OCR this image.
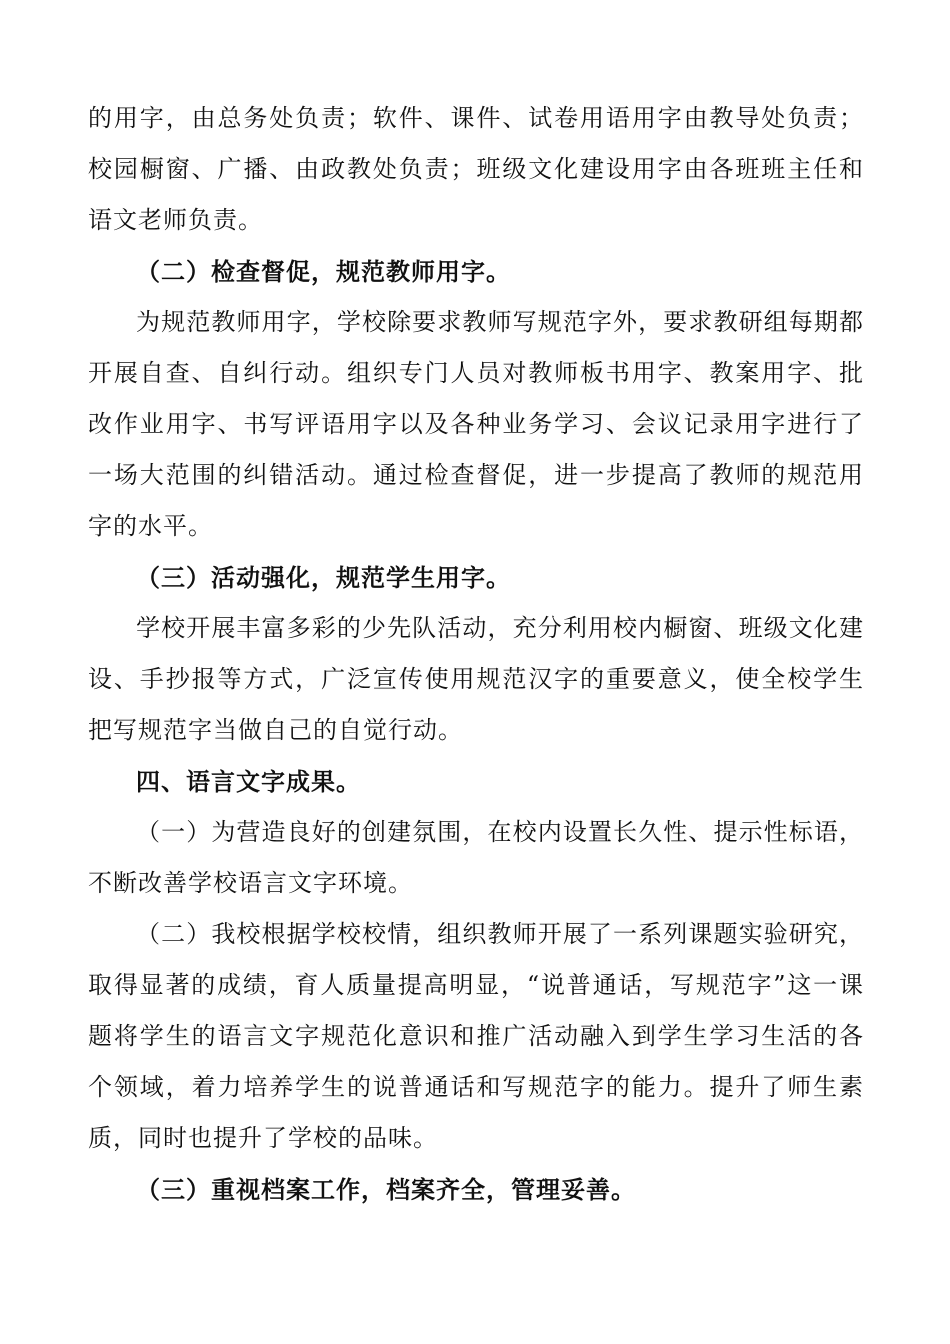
的用字，由总务处负责；软件、课件、试卷用语用字由教导处负责；
校园橱窗、广播、由政教处负责；班级文化建设用字由各班班主任和
语文老师负责。
（二）检查督促，规范教师用字。
为规范教师用字，学校除要求教师写规范字外，要求教研组每期都
开展自查、自纠行动。组织专门人员对教师板书用字、教案用字、批
改作业用字、书写评语用字以及各种业务学习、会议记录用字进行了
一场大范围的纠错活动。通过检查督促，进一步提高了教师的规范用
字的水平。
（三）活动强化，规范学生用字。
学校开展丰富多彩的少先队活动，充分利用校内橱窗、班级文化建
设、手抄报等方式，广泛宣传使用规范汉字的重要意义，使全校学生
把写规范字当做自己的自觉行动。
四、语言文字成果。
（一）为营造良好的创建氛围，在校内设置长久性、提示性标语，
不断改善学校语言文字环境。
（二）我校根据学校校情，组织教师开展了一系列课题实验研究，
取得显著的成绩，育人质量提高明显，“说普通话，写规范字”这一课
题将学生的语言文字规范化意识和推广活动融入到学生学习生活的各
个领域，着力培养学生的说普通话和写规范字的能力。提升了师生素
质，同时也提升了学校的品味。
（三）重视档案工作，档案齐全，管理妥善。
